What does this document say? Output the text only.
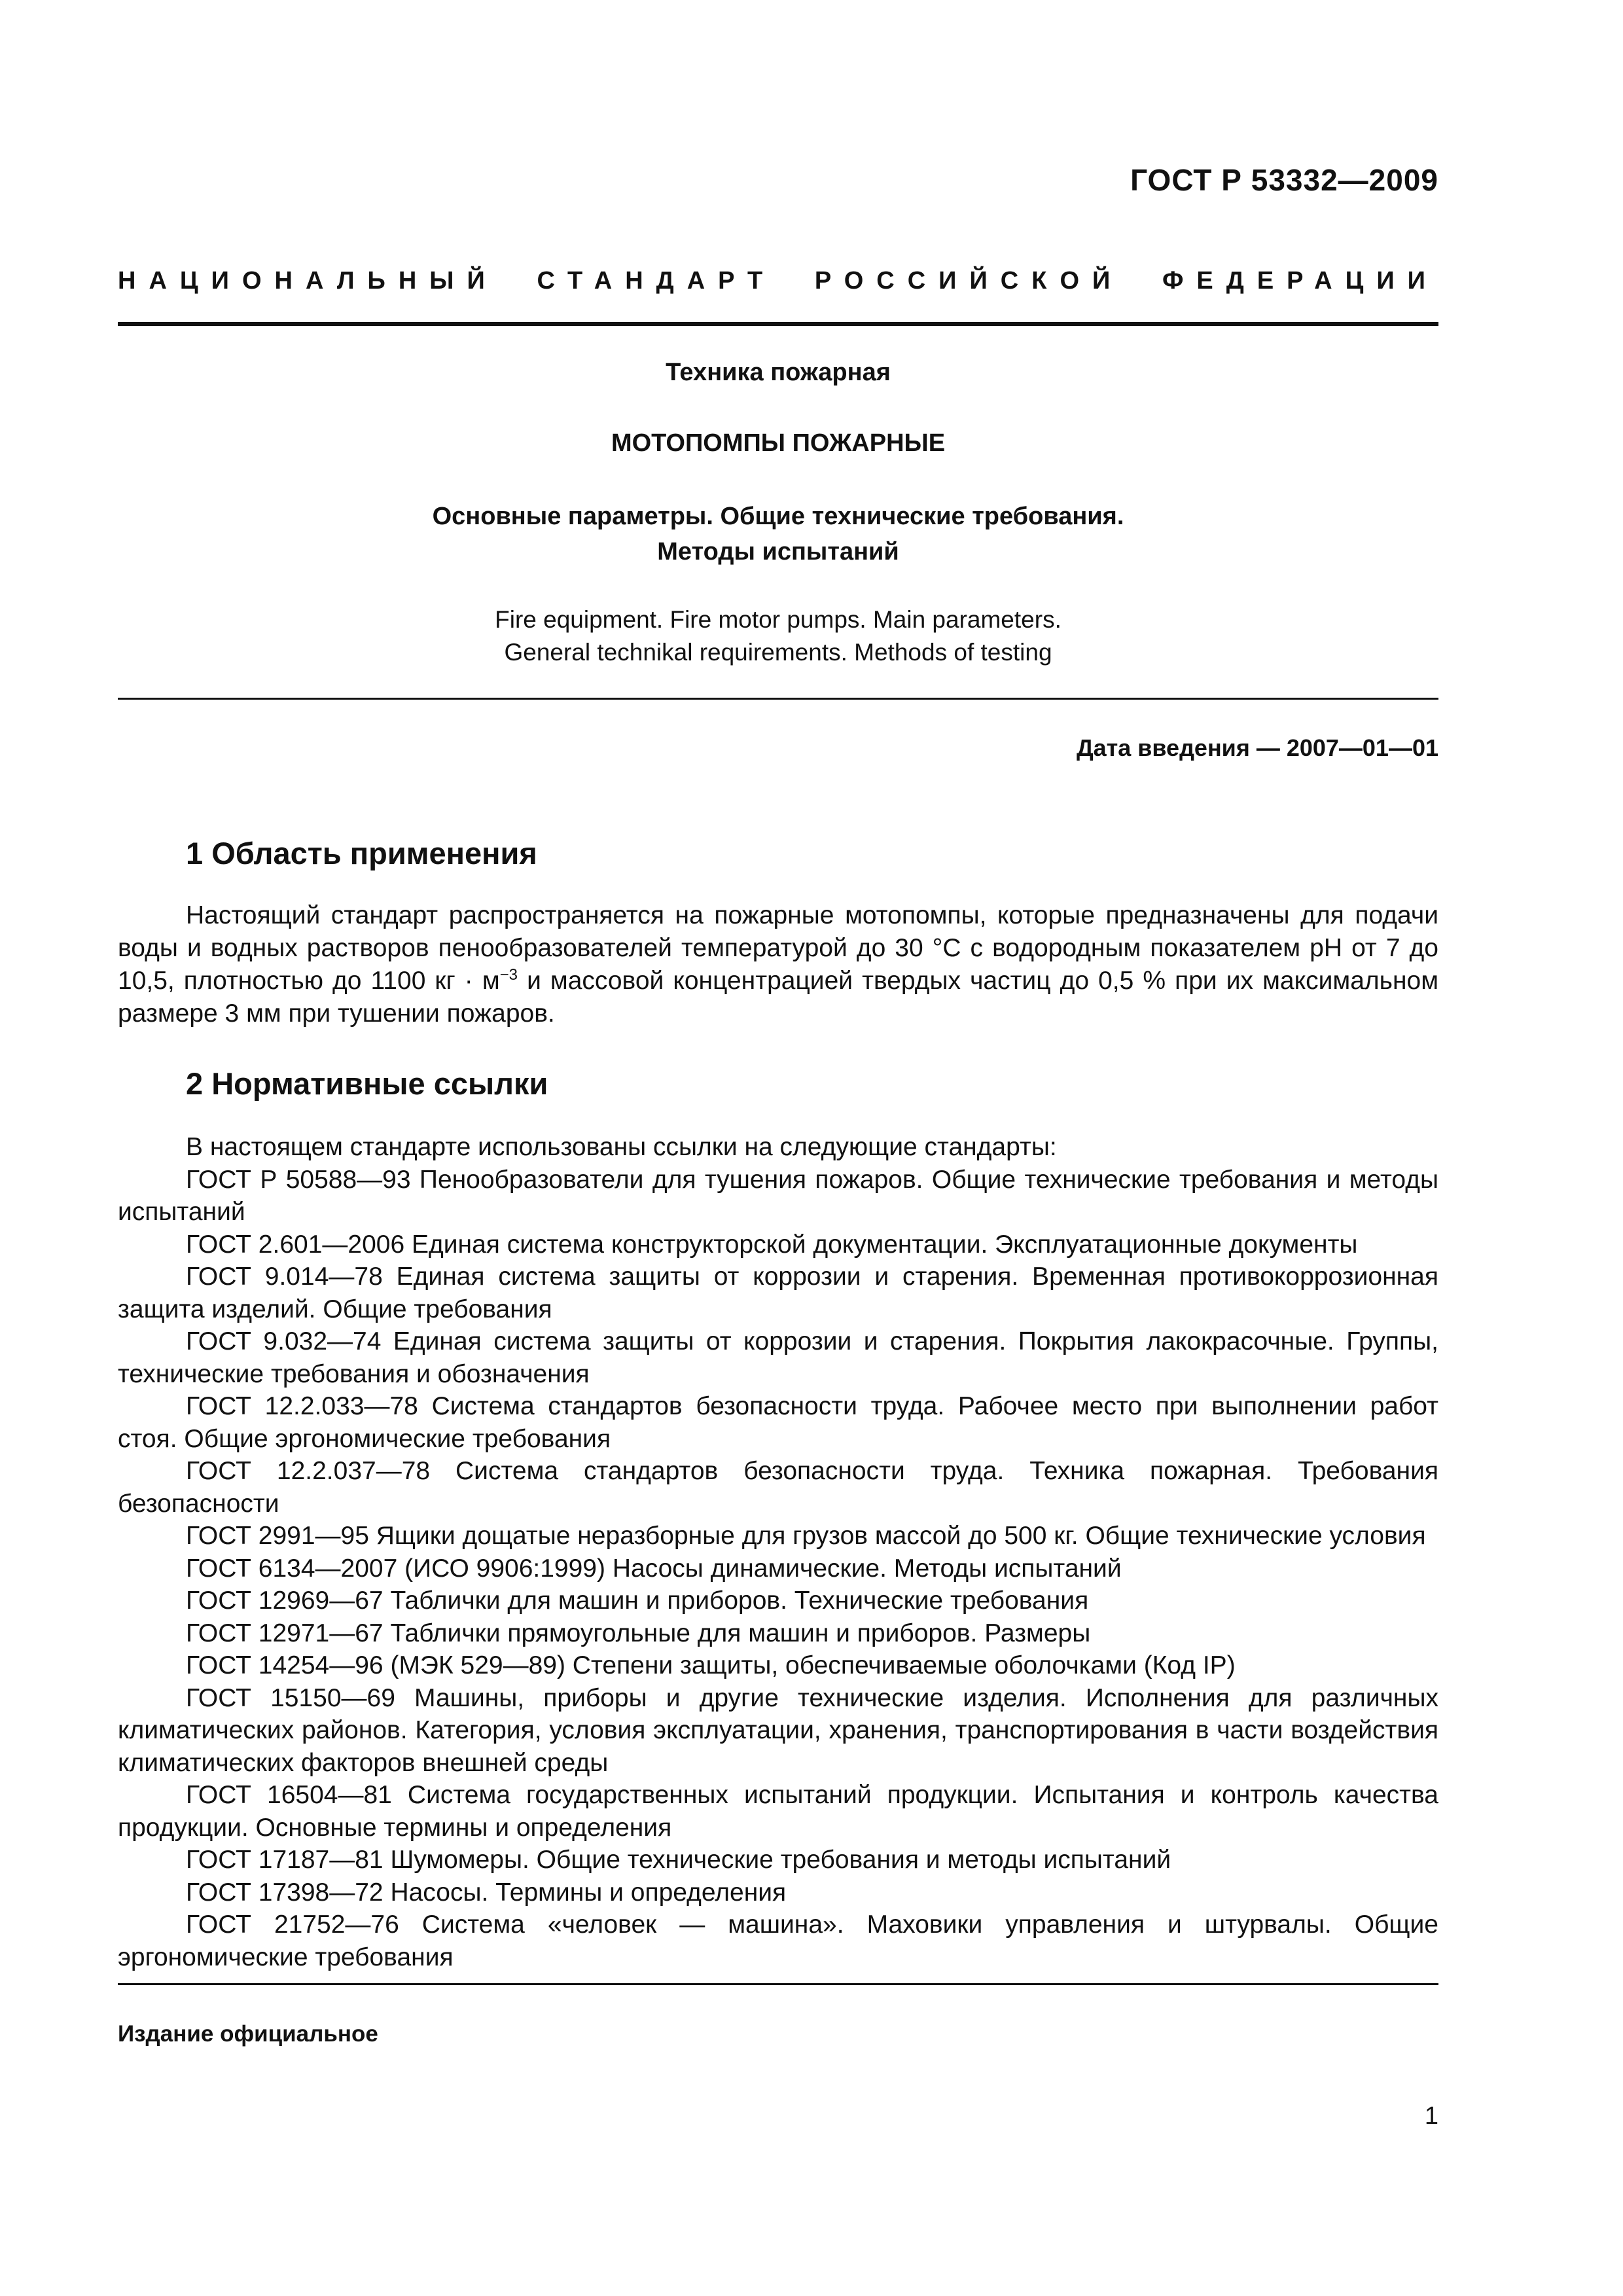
ГОСТ Р 53332—2009
НАЦИОНАЛЬНЫЙ СТАНДАРТ РОССИЙСКОЙ ФЕДЕРАЦИИ
Техника пожарная
МОТОПОМПЫ ПОЖАРНЫЕ
Основные параметры. Общие технические требования.
Методы испытаний
Fire equipment. Fire motor pumps. Main parameters.
General technikal requirements. Methods of testing
Дата введения — 2007—01—01
1 Область применения

Настоящий стандарт распространяется на пожарные мотопомпы, которые предназначены для подачи воды и водных растворов пенообразователей температурой до 30 °С с водородным показателем рН от 7 до 10,5, плотностью до 1100 кг · $м^{-3}$ и массовой концентрацией твердых частиц до 0,5 % при их максимальном размере 3 мм при тушении пожаров.

2 Нормативные ссылки

В настоящем стандарте использованы ссылки на следующие стандарты:

ГОСТ Р 50588—93 Пенообразователи для тушения пожаров. Общие технические требования и методы испытаний

ГОСТ 2.601—2006 Единая система конструкторской документации. Эксплуатационные документы

ГОСТ 9.014—78 Единая система защиты от коррозии и старения. Временная противокоррозионная защита изделий. Общие требования

ГОСТ 9.032—74 Единая система защиты от коррозии и старения. Покрытия лакокрасочные. Группы, технические требования и обозначения

ГОСТ 12.2.033—78 Система стандартов безопасности труда. Рабочее место при выполнении работ стоя. Общие эргономические требования

ГОСТ 12.2.037—78 Система стандартов безопасности труда. Техника пожарная. Требования безопасности

ГОСТ 2991—95 Ящики дощатые неразборные для грузов массой до 500 кг. Общие технические условия

ГОСТ 6134—2007 (ИСО 9906:1999) Насосы динамические. Методы испытаний

ГОСТ 12969—67 Таблички для машин и приборов. Технические требования

ГОСТ 12971—67 Таблички прямоугольные для машин и приборов. Размеры

ГОСТ 14254—96 (МЭК 529—89) Степени защиты, обеспечиваемые оболочками (Код IP)

ГОСТ 15150—69 Машины, приборы и другие технические изделия. Исполнения для различных климатических районов. Категория, условия эксплуатации, хранения, транспортирования в части воздействия климатических факторов внешней среды

ГОСТ 16504—81 Система государственных испытаний продукции. Испытания и контроль качества продукции. Основные термины и определения

ГОСТ 17187—81 Шумомеры. Общие технические требования и методы испытаний

ГОСТ 17398—72 Насосы. Термины и определения

ГОСТ 21752—76 Система «человек — машина». Маховики управления и штурвалы. Общие эргономические требования

Издание официальное
1
